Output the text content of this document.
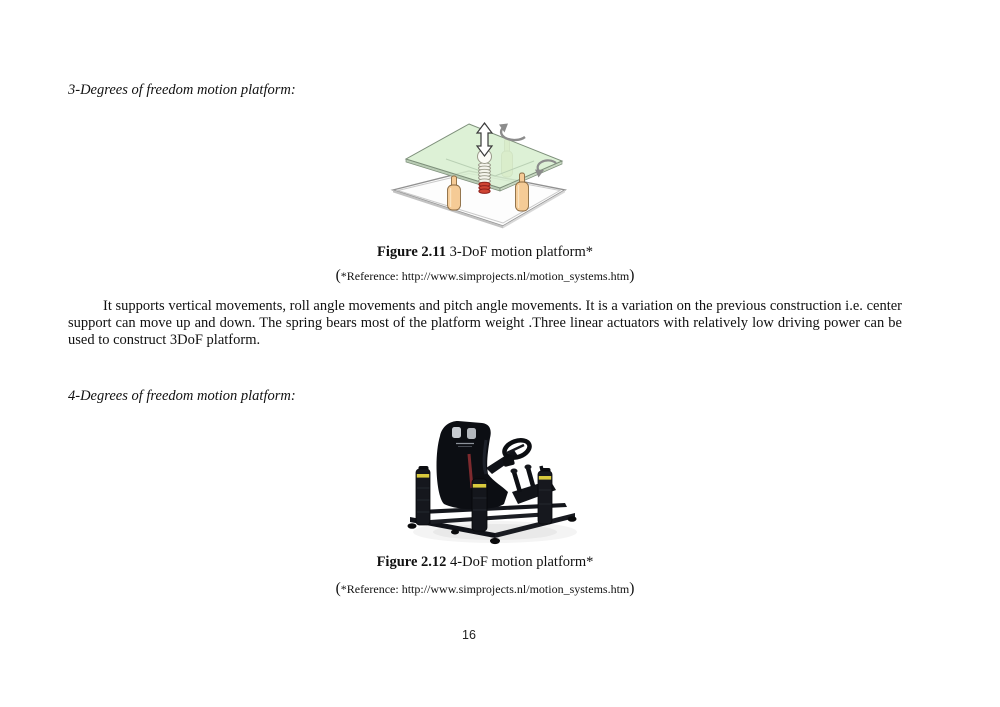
3-Degrees of freedom motion platform:

Figure 2.11 3-DoF motion platform*

(*Reference: http://www.simprojects.nl/motion_systems.htm)

It supports vertical movements, roll angle movements and pitch angle movements. It is a variation on the previous construction i.e. center support can move up and down. The spring bears most of the platform weight .Three linear actuators with relatively low driving power can be used to construct 3DoF platform.

4-Degrees of freedom motion platform:

Figure 2.12 4-DoF motion platform*

(*Reference: http://www.simprojects.nl/motion_systems.htm)

16
